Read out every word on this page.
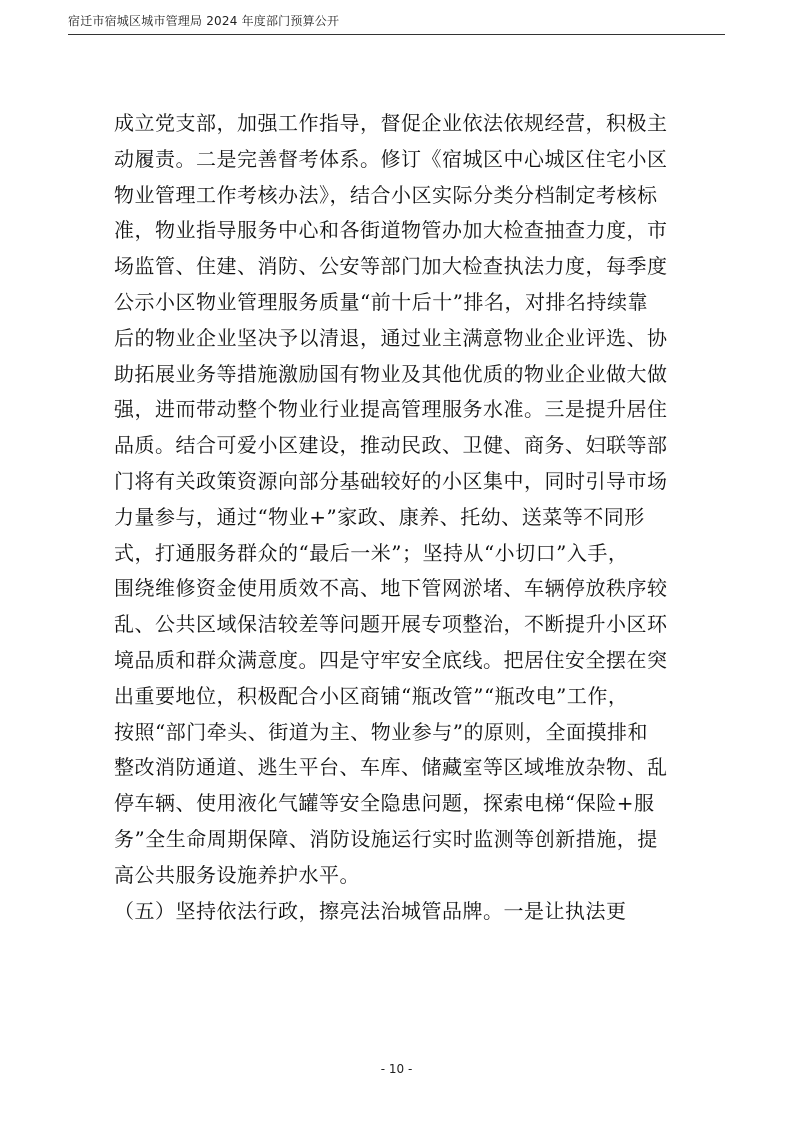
宿迁市宿城区城市管理局 2024 年度部门预算公开
成立党支部，加强工作指导，督促企业依法依规经营，积极主
动履责。二是完善督考体系。修订《宿城区中心城区住宅小区
物业管理工作考核办法》，结合小区实际分类分档制定考核标
准，物业指导服务中心和各街道物管办加大检查抽查力度，市
场监管、住建、消防、公安等部门加大检查执法力度，每季度
公示小区物业管理服务质量“前十后十”排名，对排名持续靠
后的物业企业坚决予以清退，通过业主满意物业企业评选、协
助拓展业务等措施激励国有物业及其他优质的物业企业做大做
强，进而带动整个物业行业提高管理服务水准。三是提升居住
品质。结合可爱小区建设，推动民政、卫健、商务、妇联等部
门将有关政策资源向部分基础较好的小区集中，同时引导市场
力量参与，通过“物业+”家政、康养、托幼、送菜等不同形
式，打通服务群众的“最后一米”；坚持从“小切口”入手，
围绕维修资金使用质效不高、地下管网淤堵、车辆停放秩序较
乱、公共区域保洁较差等问题开展专项整治，不断提升小区环
境品质和群众满意度。四是守牢安全底线。把居住安全摆在突
出重要地位，积极配合小区商铺“瓶改管”“瓶改电”工作，
按照“部门牵头、街道为主、物业参与”的原则，全面摸排和
整改消防通道、逃生平台、车库、储藏室等区域堆放杂物、乱
停车辆、使用液化气罐等安全隐患问题，探索电梯“保险+服
务”全生命周期保障、消防设施运行实时监测等创新措施，提
高公共服务设施养护水平。
（五）坚持依法行政，擦亮法治城管品牌。一是让执法更
- 10 -
